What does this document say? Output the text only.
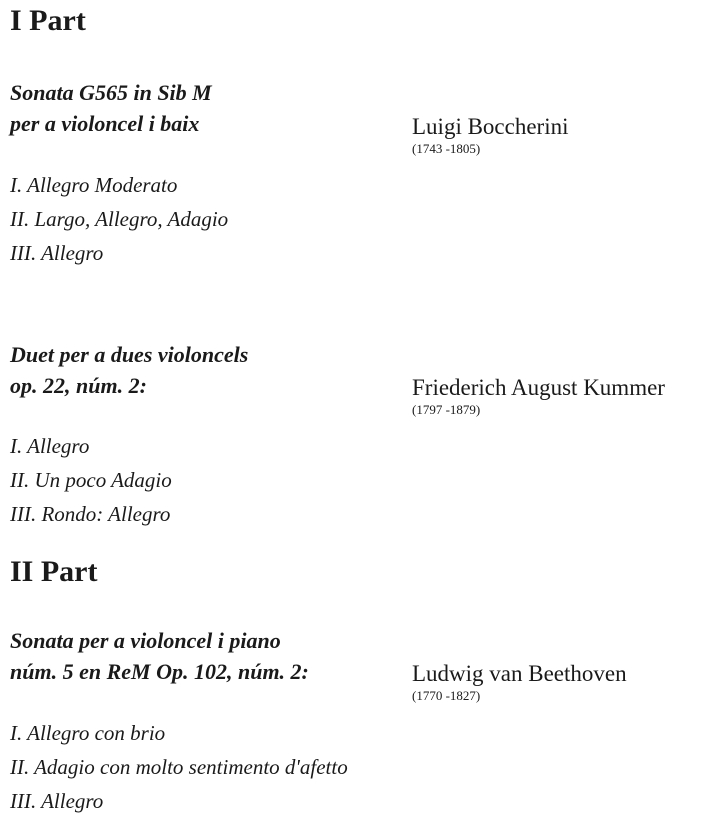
I Part
Sonata G565 in Sib M
per a violoncel i baix	Luigi Boccherini
(1743 -1805)
I. Allegro Moderato
II. Largo, Allegro, Adagio
III. Allegro
Duet per a dues violoncels
op. 22, núm. 2:	Friederich August Kummer
(1797 -1879)
I. Allegro
II. Un poco Adagio
III. Rondo: Allegro
II Part
Sonata per a violoncel i piano
núm. 5 en ReM Op. 102, núm. 2:	Ludwig van Beethoven
(1770 -1827)
I. Allegro con brio
II. Adagio con molto sentimento d'afetto
III. Allegro
